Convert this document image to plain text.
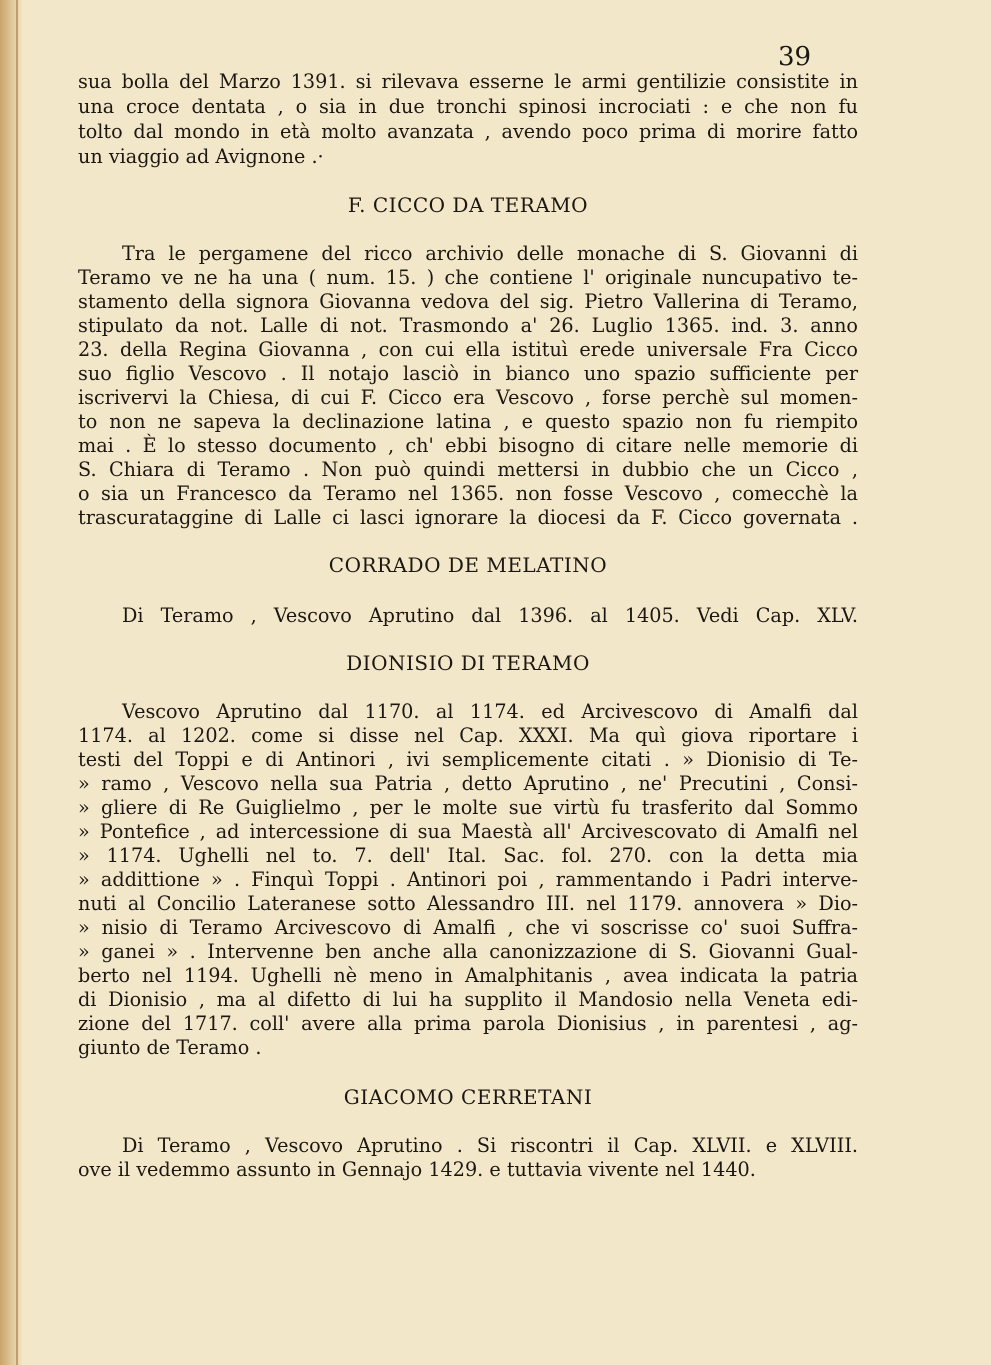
39
sua bolla del Marzo 1391. si rilevava esserne le armi gentilizie consistite in
una croce dentata , o sia in due tronchi spinosi incrociati : e che non fu
tolto dal mondo in età molto avanzata , avendo poco prima di morire fatto
un viaggio ad Avignone .·
F. CICCO DA TERAMO
Tra le pergamene del ricco archivio delle monache di S. Giovanni di
Teramo ve ne ha una ( num. 15. ) che contiene l' originale nuncupativo te-
stamento della signora Giovanna vedova del sig. Pietro Vallerina di Teramo,
stipulato da not. Lalle di not. Trasmondo a' 26. Luglio 1365. ind. 3. anno
23. della Regina Giovanna , con cui ella istituì erede universale Fra Cicco
suo figlio Vescovo . Il notajo lasciò in bianco uno spazio sufficiente per
iscrivervi la Chiesa, di cui F. Cicco era Vescovo , forse perchè sul momen-
to non ne sapeva la declinazione latina , e questo spazio non fu riempito
mai . È lo stesso documento , ch' ebbi bisogno di citare nelle memorie di
S. Chiara di Teramo . Non può quindi mettersi in dubbio che un Cicco ,
o sia un Francesco da Teramo nel 1365. non fosse Vescovo , comecchè la
trascurataggine di Lalle ci lasci ignorare la diocesi da F. Cicco governata .
CORRADO DE MELATINO
Di Teramo , Vescovo Aprutino dal 1396. al 1405. Vedi Cap. XLV.
DIONISIO DI TERAMO
Vescovo Aprutino dal 1170. al 1174. ed Arcivescovo di Amalfi dal
1174. al 1202. come si disse nel Cap. XXXI. Ma quì giova riportare i
testi del Toppi e di Antinori , ivi semplicemente citati . » Dionisio di Te-
» ramo , Vescovo nella sua Patria , detto Aprutino , ne' Precutini , Consi-
» gliere di Re Guiglielmo , per le molte sue virtù fu trasferito dal Sommo
» Pontefice , ad intercessione di sua Maestà all' Arcivescovato di Amalfi nel
» 1174. Ughelli nel to. 7. dell' Ital. Sac. fol. 270. con la detta mia
» addittione » . Finquì Toppi . Antinori poi , rammentando i Padri interve-
nuti al Concilio Lateranese sotto Alessandro III. nel 1179. annovera » Dio-
» nisio di Teramo Arcivescovo di Amalfi , che vi soscrisse co' suoi Suffra-
» ganei » . Intervenne ben anche alla canonizzazione di S. Giovanni Gual-
berto nel 1194. Ughelli nè meno in Amalphitanis , avea indicata la patria
di Dionisio , ma al difetto di lui ha supplito il Mandosio nella Veneta edi-
zione del 1717. coll' avere alla prima parola Dionisius , in parentesi , ag-
giunto de Teramo .
GIACOMO CERRETANI
Di Teramo , Vescovo Aprutino . Si riscontri il Cap. XLVII. e XLVIII.
ove il vedemmo assunto in Gennajo 1429. e tuttavia vivente nel 1440.
